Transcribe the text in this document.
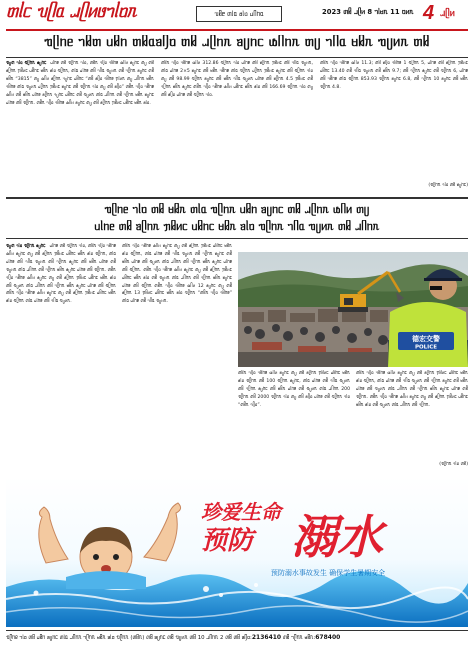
ᥖᥣᥴ ᥔᥫᥲ ᥘᥫᥢᥳᥐᥣᥝᥰ	ᥔᥤᥱ ᥖᥣᥲ ᥑᥣᥝ ᥙᥥᥒᥲ	2023 ᥖᥤ ᥘᥫᥢ 8 ᥐᥣᥛᥰ 11 ᥝᥢᥰ 4 ᥘᥫᥢ
ᥓᥫᥒᥱ ᥐᥤᥖ ᥙᥤᥒ ᥖᥤᥲᥑᥦᥝ ᥖᥤ ᥘᥫᥒᥰ ᥑᥩᥒᥴ ᥚᥥᥒᥰ ᥖᥩ ᥐᥥᥲ ᥛᥤᥰ ᥓᥩᥢᥰ ᥖᥤ
ᥓᥩᥖ ᥐᥣᥝ ᥓᥫᥒᥰ ᥑᥩᥒᥴ ᥙᥣᥒᥱ ᥖᥤ ᥓᥫᥒᥰ ᥐᥣᥝ, ᥖᥤᥰ ᥐᥦᥝ ᥐᥤᥒᥱ ᥚᥥᥢ ᥑᥩᥒᥴ ᥖᥩ ᥖᥤ ᥑᥫᥒᥰ ᥟᥤᥢᥴ ᥙᥤᥒᥴ ᥛᥤᥰ ᥑᥣᥝ ᥓᥫᥒᥰ, ᥖᥣᥲ ᥙᥣᥒᥱ ᥖᥤ ᥐᥥᥲ ᥓᥩᥢᥰ ᥖᥤ ᥐᥫᥒᥰ ᥑᥩᥒᥴ ᥖᥤ ᥛᥤᥰ “3815” ᥖᥩ ᥚᥥᥢ ᥑᥫᥒᥰ ᥐᥩᥒᥴ ᥙᥤᥒᥴ “ᥖᥤ ᥑᥦᥝ ᥐᥤᥒᥱ ᥟᥣᥢᥰ ᥖᥩ ᥘᥥᥒᥰ ᥛᥤᥰ ᥐᥤᥒᥱ ᥖᥣᥲ ᥓᥩᥢᥰ ᥙᥫᥒᥰ ᥟᥤᥢᥴ ᥑᥩᥒᥴ ᥖᥤ ᥓᥫᥒᥰ ᥐᥣᥝ ᥖᥩ ᥖᥤ ᥑᥦᥝ” ᥖᥤᥰ ᥐᥦᥝ ᥐᥤᥒᥱ ᥚᥥᥢ ᥖᥤ ᥛᥤᥰ ᥙᥣᥒᥱ ᥑᥫᥒᥰ ᥐᥩᥒᥴ ᥙᥤᥒᥴ ᥖᥤ ᥓᥩᥢᥰ ᥖᥣᥲ ᥘᥥᥒᥰ ᥖᥤ ᥐᥫᥒᥰ ᥛᥤᥰ ᥑᥩᥒᥴ ᥙᥣᥒᥱ ᥖᥤ ᥓᥫᥒᥰ. ᥖᥤᥰ ᥐᥦᥝ ᥐᥤᥒᥱ ᥚᥥᥢ ᥑᥩᥒᥴ ᥖᥩ ᥖᥤ ᥑᥫᥒᥰ ᥟᥤᥢᥴ ᥙᥤᥒᥴ ᥛᥤᥰ ᥑᥣᥝ.
ᥖᥤᥰ ᥐᥦᥝ ᥐᥤᥒᥱ ᥚᥥᥢ 312.86 ᥓᥫᥒᥰ ᥐᥣᥝ ᥙᥣᥒᥱ ᥖᥤ ᥑᥫᥒᥰ ᥟᥤᥢᥴ ᥖᥤ ᥐᥥᥲ ᥓᥩᥢᥰ, ᥖᥣᥲ ᥙᥣᥒᥱ 2×5 ᥑᥩᥒᥴ ᥖᥤ ᥛᥤᥰ ᥐᥤᥒᥱ ᥖᥣᥲ ᥓᥫᥒᥰ ᥙᥫᥒᥰ ᥟᥤᥢᥴ ᥑᥩᥒᥴ ᥖᥤ ᥓᥫᥒᥰ ᥐᥣᥝ ᥖᥩ ᥖᥤ 98.99 ᥓᥫᥒᥰ ᥑᥩᥒᥴ ᥖᥤ ᥛᥤᥰ ᥐᥥᥲ ᥓᥩᥢᥰ ᥙᥣᥒᥱ ᥖᥤ ᥑᥫᥒᥰ 4.5 ᥟᥤᥢᥴ ᥖᥤ ᥐᥫᥒᥰ ᥛᥤᥰ ᥑᥩᥒᥴ ᥖᥤᥰ ᥐᥦᥝ ᥐᥤᥒᥱ ᥚᥥᥢ ᥙᥤᥒᥴ ᥛᥤᥰ ᥑᥣᥝ ᥖᥤ 166.69 ᥓᥫᥒᥰ ᥐᥣᥝ ᥖᥩ ᥖᥤ ᥑᥦᥝ ᥙᥣᥒᥱ ᥖᥤ ᥓᥫᥒᥰ ᥐᥣᥝ.
ᥖᥤᥰ ᥐᥦᥝ ᥐᥤᥒᥱ ᥚᥥᥢ 11.3; ᥖᥤ ᥑᥦᥝ ᥐᥤᥒᥱ 1 ᥓᥫᥒᥰ 5, ᥙᥣᥒᥱ ᥖᥤ ᥑᥫᥒᥰ ᥟᥤᥢᥴ ᥙᥤᥒᥴ 13.40 ᥖᥤ ᥐᥥᥲ ᥓᥩᥢᥰ ᥖᥤ ᥛᥤᥰ 9.7; ᥖᥤ ᥐᥫᥒᥰ ᥑᥩᥒᥴ ᥖᥤ ᥓᥫᥒᥰ 6, ᥙᥣᥒᥱ ᥖᥤ ᥐᥤᥒᥱ ᥖᥣᥲ ᥓᥫᥒᥰ 853.93 ᥓᥫᥒᥰ ᥑᥩᥒᥴ 6.8, ᥖᥤ ᥐᥫᥒᥰ 10 ᥑᥩᥒᥴ ᥖᥤ ᥛᥤᥰ ᥓᥫᥒᥰ 4.8.
(ᥓᥫᥒᥰ ᥐᥣᥝ ᥖᥤ ᥑᥩᥒᥴ)
ᥓᥫᥒᥱ ᥐᥣᥝ ᥖᥤ ᥛᥤᥰ ᥖᥣᥲ ᥓᥫᥒᥰ ᥙᥤᥒ ᥑᥩᥒᥴ ᥖᥤ ᥘᥫᥒᥰ ᥚᥥᥢ ᥖᥩ
ᥙᥣᥒᥱ ᥖᥤ ᥑᥫᥒᥰ ᥟᥤᥢᥴ ᥙᥤᥒᥴ ᥛᥤᥰ ᥑᥣᥝ ᥓᥫᥒᥰ ᥐᥥᥲ ᥓᥩᥢᥰ ᥖᥤ ᥘᥥᥒᥰ
ᥓᥩᥖ ᥐᥣᥝ ᥓᥫᥒᥰ ᥑᥩᥒᥴ ᥙᥣᥒᥱ ᥖᥤ ᥓᥫᥒᥰ ᥐᥣᥝ, ᥖᥤᥰ ᥐᥦᥝ ᥐᥤᥒᥱ ᥚᥥᥢ ᥑᥩᥒᥴ ᥖᥩ ᥖᥤ ᥑᥫᥒᥰ ᥟᥤᥢᥴ ᥙᥤᥒᥴ ᥛᥤᥰ ᥑᥣᥝ ᥓᥫᥒᥰ, ᥖᥣᥲ ᥙᥣᥒᥱ ᥖᥤ ᥐᥥᥲ ᥓᥩᥢᥰ ᥖᥤ ᥐᥫᥒᥰ ᥑᥩᥒᥴ ᥖᥤ ᥛᥤᥰ ᥙᥣᥒᥱ ᥖᥤ ᥓᥩᥢᥰ ᥖᥣᥲ ᥘᥥᥒᥰ ᥖᥤ ᥐᥫᥒᥰ ᥛᥤᥰ ᥑᥩᥒᥴ ᥙᥣᥒᥱ ᥖᥤ ᥓᥫᥒᥰ. ᥖᥤᥰ ᥐᥦᥝ ᥐᥤᥒᥱ ᥚᥥᥢ ᥑᥩᥒᥴ ᥖᥩ ᥖᥤ ᥑᥫᥒᥰ ᥟᥤᥢᥴ ᥙᥤᥒᥴ ᥛᥤᥰ ᥑᥣᥝ ᥖᥤ ᥓᥩᥢᥰ ᥖᥣᥲ ᥘᥥᥒᥰ ᥖᥤ ᥐᥫᥒᥰ ᥛᥤᥰ ᥑᥩᥒᥴ ᥙᥣᥒᥱ ᥖᥤ ᥓᥫᥒᥰ ᥖᥤᥰ ᥐᥦᥝ ᥐᥤᥒᥱ ᥚᥥᥢ ᥑᥩᥒᥴ ᥖᥩ ᥖᥤ ᥑᥫᥒᥰ ᥟᥤᥢᥴ ᥙᥤᥒᥴ ᥛᥤᥰ ᥑᥣᥝ ᥓᥫᥒᥰ ᥖᥣᥲ ᥙᥣᥒᥱ ᥖᥤ ᥐᥥᥲ ᥓᥩᥢᥰ.
ᥖᥤᥰ ᥐᥦᥝ ᥐᥤᥒᥱ ᥚᥥᥢ ᥑᥩᥒᥴ ᥖᥩ ᥖᥤ ᥑᥫᥒᥰ ᥟᥤᥢᥴ ᥙᥤᥒᥴ ᥛᥤᥰ ᥑᥣᥝ ᥓᥫᥒᥰ, ᥖᥣᥲ ᥙᥣᥒᥱ ᥖᥤ ᥐᥥᥲ ᥓᥩᥢᥰ ᥖᥤ ᥐᥫᥒᥰ ᥑᥩᥒᥴ ᥖᥤ ᥛᥤᥰ ᥙᥣᥒᥱ ᥖᥤ ᥓᥩᥢᥰ ᥖᥣᥲ ᥘᥥᥒᥰ ᥖᥤ ᥐᥫᥒᥰ ᥛᥤᥰ ᥑᥩᥒᥴ ᥙᥣᥒᥱ ᥖᥤ ᥓᥫᥒᥰ. ᥖᥤᥰ ᥐᥦᥝ ᥐᥤᥒᥱ ᥚᥥᥢ ᥑᥩᥒᥴ ᥖᥩ ᥖᥤ ᥑᥫᥒᥰ ᥟᥤᥢᥴ ᥙᥤᥒᥴ ᥛᥤᥰ ᥑᥣᥝ ᥖᥤ ᥓᥩᥢᥰ ᥖᥣᥲ ᥘᥥᥒᥰ ᥖᥤ ᥐᥫᥒᥰ ᥛᥤᥰ ᥑᥩᥒᥴ ᥙᥣᥒᥱ ᥖᥤ ᥓᥫᥒᥰ ᥖᥤᥰ ᥐᥦᥝ ᥐᥤᥒᥱ ᥚᥥᥢ 12 ᥑᥩᥒᥴ ᥖᥩ ᥖᥤ ᥑᥫᥒᥰ 13 ᥟᥤᥢᥴ ᥙᥤᥒᥴ ᥛᥤᥰ ᥑᥣᥝ ᥓᥫᥒᥰ “ᥖᥤᥰ ᥐᥦᥝ ᥐᥤᥒᥱ” ᥖᥣᥲ ᥙᥣᥒᥱ ᥖᥤ ᥐᥥᥲ ᥓᥩᥢᥰ.
德宏交警
POLICE
ᥖᥤᥰ ᥐᥦᥝ ᥐᥤᥒᥱ ᥚᥥᥢ ᥑᥩᥒᥴ ᥖᥩ ᥖᥤ ᥑᥫᥒᥰ ᥟᥤᥢᥴ ᥙᥤᥒᥴ ᥛᥤᥰ ᥑᥣᥝ ᥓᥫᥒᥰ ᥖᥤ 100 ᥓᥫᥒᥰ ᥑᥩᥒᥴ, ᥖᥣᥲ ᥙᥣᥒᥱ ᥖᥤ ᥐᥥᥲ ᥓᥩᥢᥰ ᥖᥤ ᥐᥫᥒᥰ ᥑᥩᥒᥴ ᥖᥤ ᥛᥤᥰ ᥙᥣᥒᥱ ᥖᥤ ᥓᥩᥢᥰ ᥖᥣᥲ ᥘᥥᥒᥰ 200 ᥓᥫᥒᥰ ᥖᥤ 2000 ᥓᥫᥒᥰ ᥐᥣᥝ ᥖᥩ ᥖᥤ ᥑᥦᥝ ᥙᥣᥒᥱ ᥖᥤ ᥓᥫᥒᥰ ᥐᥣᥝ “ᥖᥤᥰ ᥐᥦᥝ”.
ᥖᥤᥰ ᥐᥦᥝ ᥐᥤᥒᥱ ᥚᥥᥢ ᥑᥩᥒᥴ ᥖᥩ ᥖᥤ ᥑᥫᥒᥰ ᥟᥤᥢᥴ ᥙᥤᥒᥴ ᥛᥤᥰ ᥑᥣᥝ ᥓᥫᥒᥰ, ᥖᥣᥲ ᥙᥣᥒᥱ ᥖᥤ ᥐᥥᥲ ᥓᥩᥢᥰ ᥖᥤ ᥐᥫᥒᥰ ᥑᥩᥒᥴ ᥖᥤ ᥛᥤᥰ ᥙᥣᥒᥱ ᥖᥤ ᥓᥩᥢᥰ ᥖᥣᥲ ᥘᥥᥒᥰ ᥖᥤ ᥐᥫᥒᥰ ᥛᥤᥰ ᥑᥩᥒᥴ ᥙᥣᥒᥱ ᥖᥤ ᥓᥫᥒᥰ. ᥖᥤᥰ ᥐᥦᥝ ᥐᥤᥒᥱ ᥚᥥᥢ ᥑᥩᥒᥴ ᥖᥩ ᥖᥤ ᥑᥫᥒᥰ ᥟᥤᥢᥴ ᥙᥤᥒᥴ ᥛᥤᥰ ᥑᥣᥝ ᥖᥤ ᥓᥩᥢᥰ ᥖᥣᥲ ᥘᥥᥒᥰ ᥖᥤ ᥐᥫᥒᥰ.
(ᥓᥫᥒᥰ ᥐᥣᥝ ᥖᥤ)
珍爱生命
预防 溺水
预防溺水事故发生 确保学生暑期安全
ᥓᥫᥒᥱ ᥐᥣᥝ ᥖᥤ ᥙᥤᥒ ᥑᥩᥒᥴ ᥖᥣᥲ ᥘᥥᥒᥰ ᥐᥫᥒᥰ ᥛᥤᥰ ᥑᥣᥝ ᥓᥫᥒᥰ (ᥖᥤᥰ) ᥖᥤ ᥑᥩᥒᥴ ᥖᥤ ᥓᥩᥢᥰ ᥖᥤ 10 ᥘᥥᥒᥰ 2 ᥖᥤ ᥖᥤ ᥑᥦᥝ:2136410 ᥖᥤ ᥐᥫᥒᥰ ᥛᥤᥰ:678400
